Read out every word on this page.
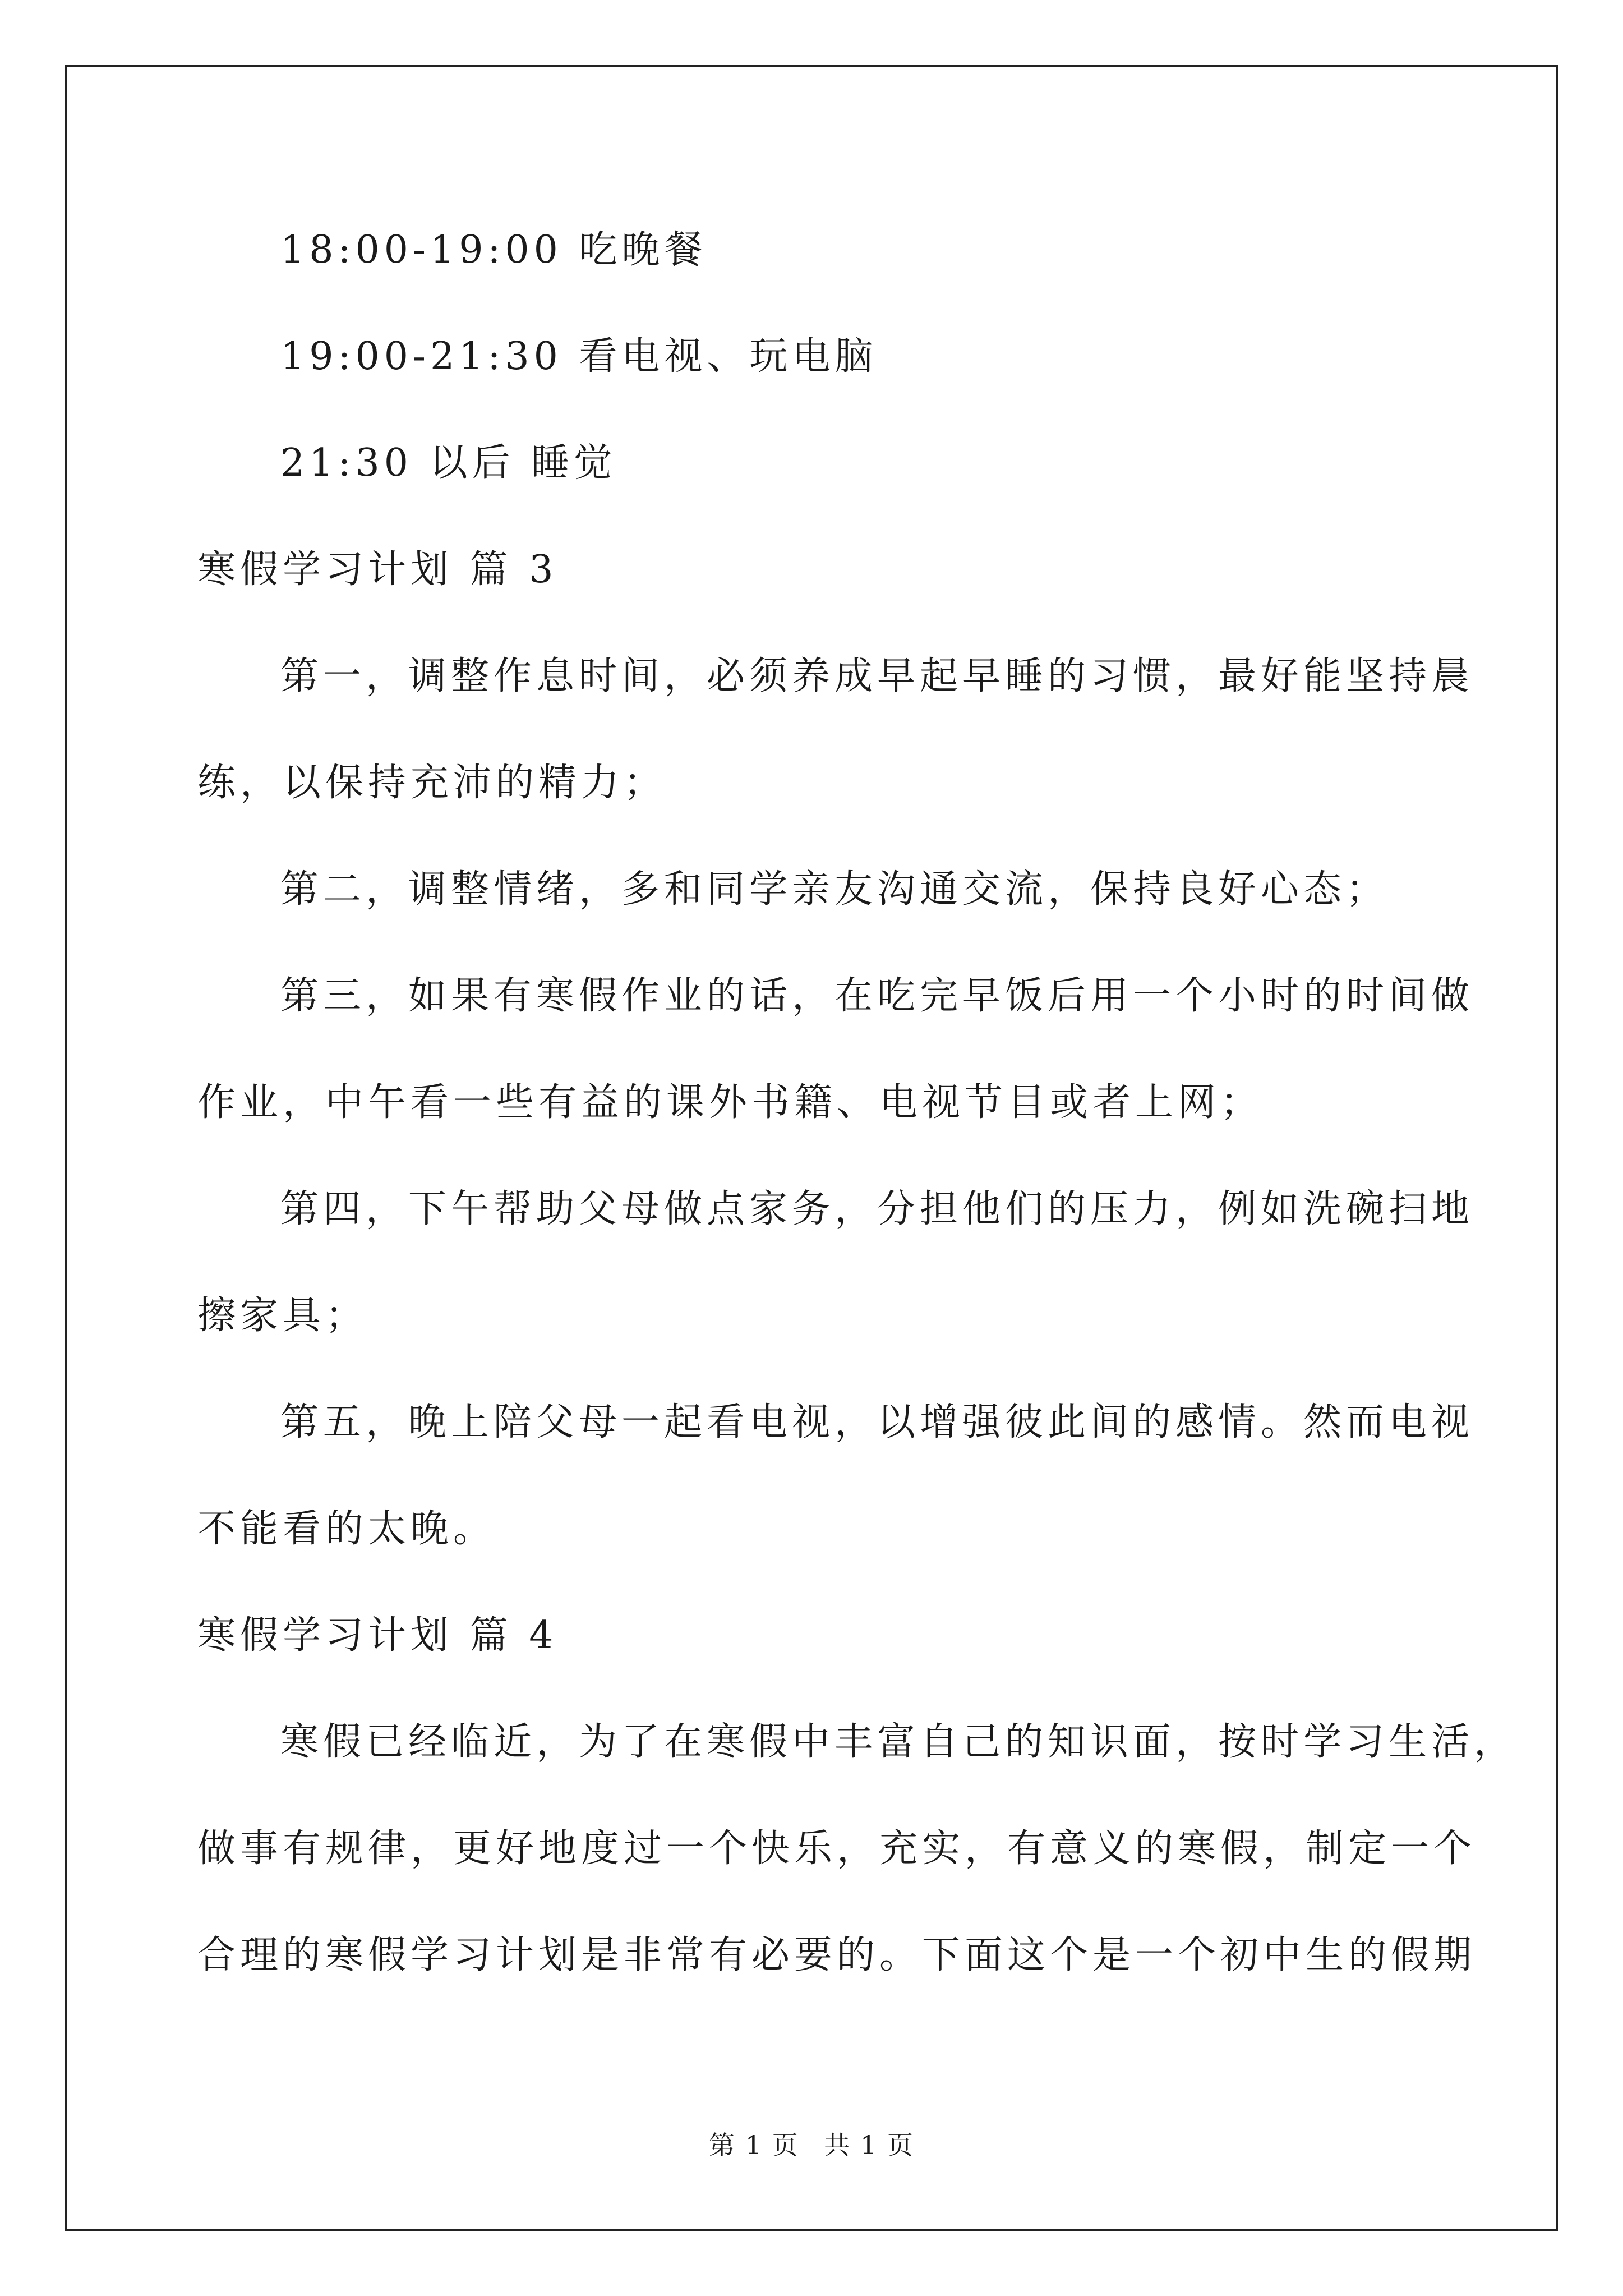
18:00-19:00 吃晚餐
19:00-21:30 看电视、玩电脑
21:30 以后 睡觉
寒假学习计划 篇 3
第一，调整作息时间，必须养成早起早睡的习惯，最好能坚持晨
练，以保持充沛的精力；
第二，调整情绪，多和同学亲友沟通交流，保持良好心态；
第三，如果有寒假作业的话，在吃完早饭后用一个小时的时间做
作业，中午看一些有益的课外书籍、电视节目或者上网；
第四，下午帮助父母做点家务，分担他们的压力，例如洗碗扫地
擦家具；
第五，晚上陪父母一起看电视，以增强彼此间的感情。然而电视
不能看的太晚。
寒假学习计划 篇 4
寒假已经临近，为了在寒假中丰富自己的知识面，按时学习生活，
做事有规律，更好地度过一个快乐，充实，有意义的寒假，制定一个
合理的寒假学习计划是非常有必要的。下面这个是一个初中生的假期
第 1 页 共 1 页
